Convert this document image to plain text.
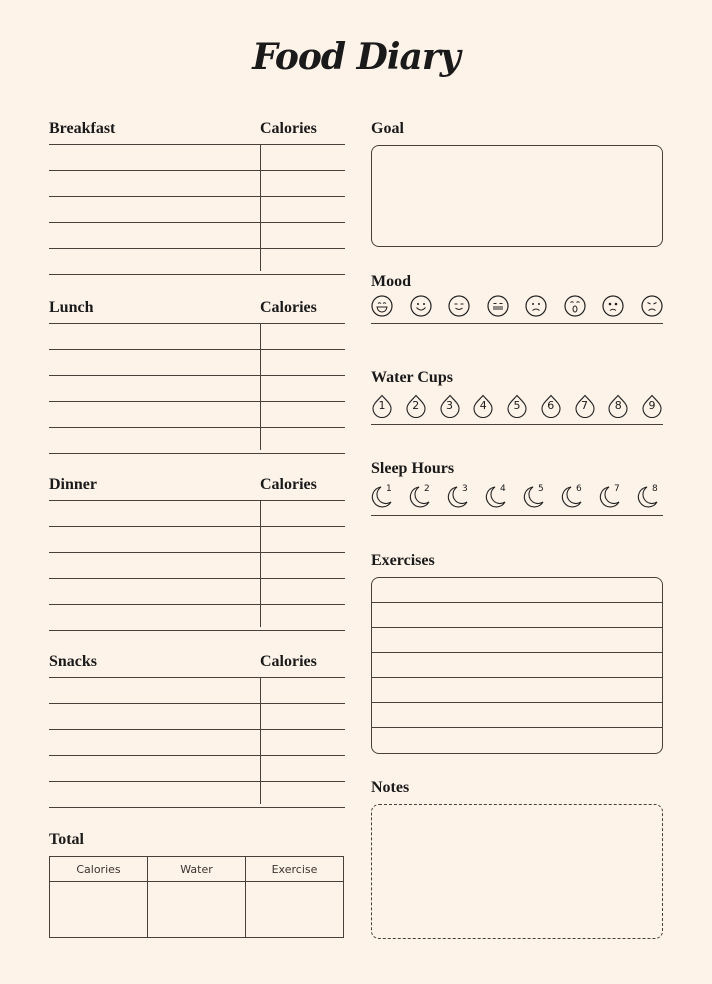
Food Diary
Breakfast	Calories
Lunch	Calories
Dinner	Calories
Snacks	Calories
Total
Calories	Water	Exercise
Goal
Mood
Water Cups
1	2	3	4	5	6	7	8	9
Sleep Hours
1	2	3	4	5	6	7	8
Exercises
Notes
